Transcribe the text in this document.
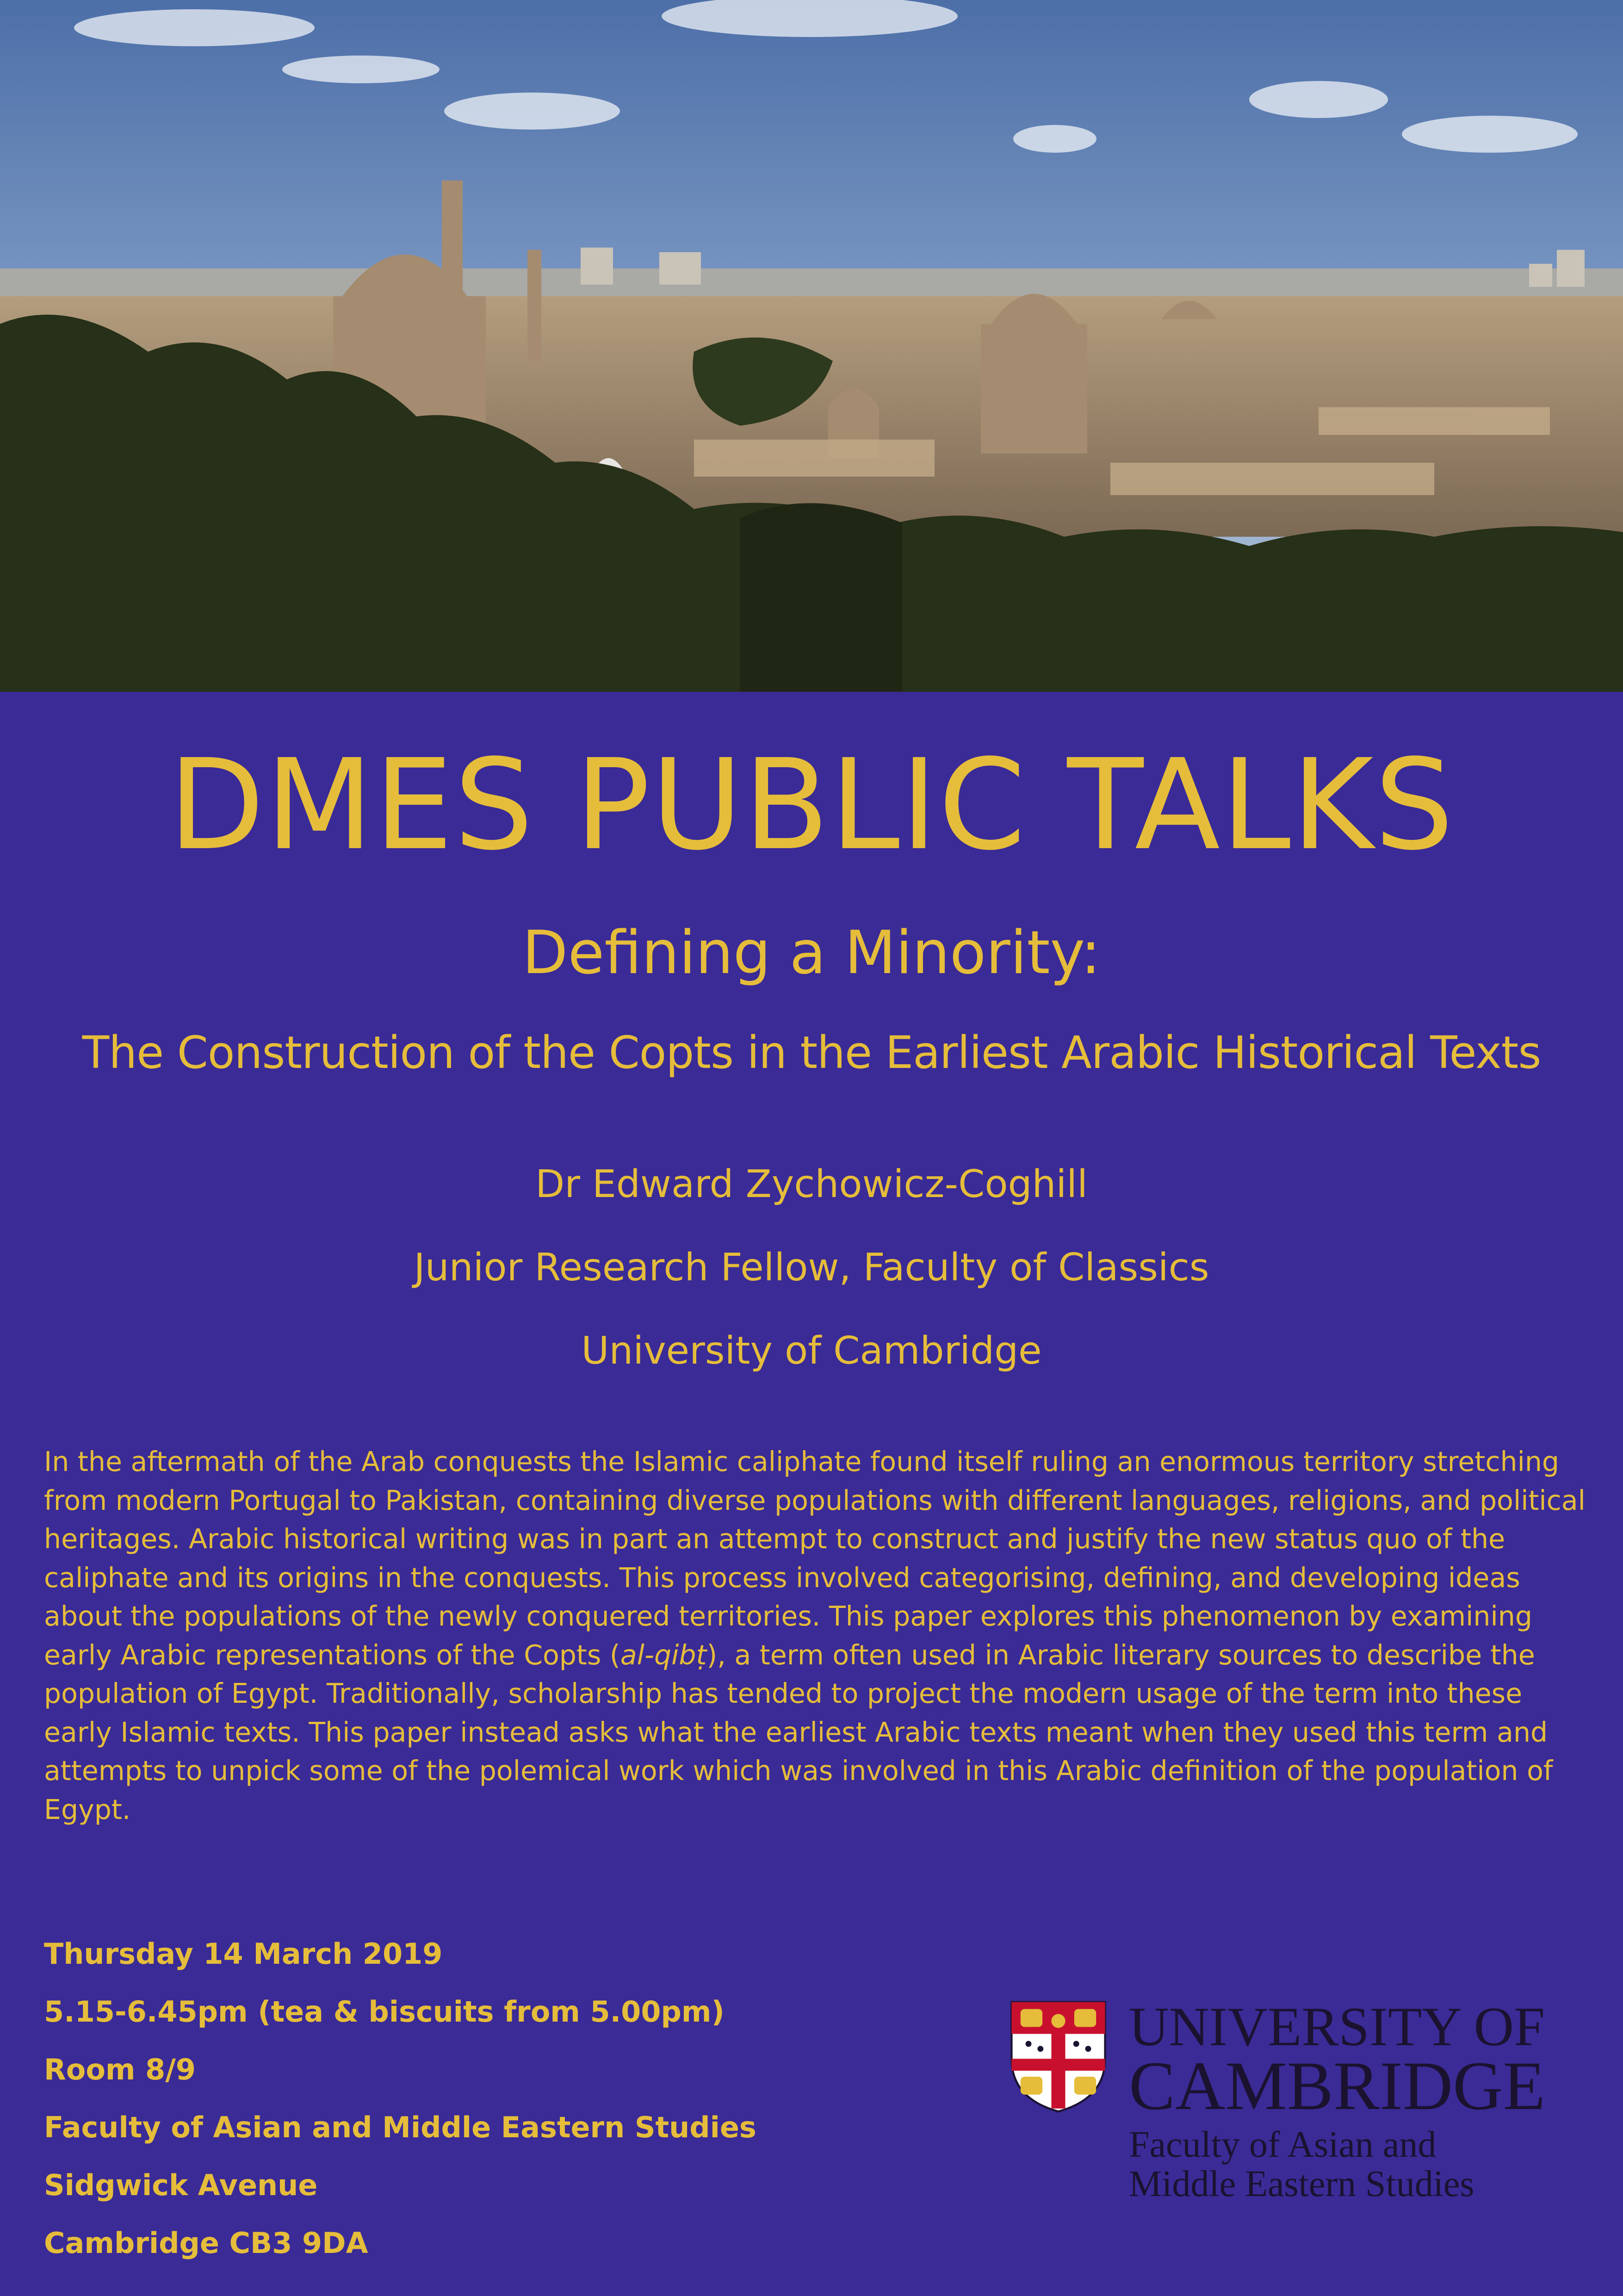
DMES PUBLIC TALKS
Defining a Minority:
The Construction of the Copts in the Earliest Arabic Historical Texts
Dr Edward Zychowicz-Coghill
Junior Research Fellow, Faculty of Classics
University of Cambridge

In the aftermath of the Arab conquests the Islamic caliphate found itself ruling an enormous territory stretching from modern Portugal to Pakistan, containing diverse populations with different languages, religions, and political heritages. Arabic historical writing was in part an attempt to construct and justify the new status quo of the caliphate and its origins in the conquests. This process involved categorising, defining, and developing ideas about the populations of the newly conquered territories. This paper explores this phenomenon by examining early Arabic representations of the Copts (al-qibṭ), a term often used in Arabic literary sources to describe the population of Egypt. Traditionally, scholarship has tended to project the modern usage of the term into these early Islamic texts. This paper instead asks what the earliest Arabic texts meant when they used this term and attempts to unpick some of the polemical work which was involved in this Arabic definition of the population of Egypt.

Thursday 14 March 2019
5.15-6.45pm (tea & biscuits from 5.00pm)
Room 8/9
Faculty of Asian and Middle Eastern Studies
Sidgwick Avenue
Cambridge CB3 9DA
UNIVERSITY OF
CAMBRIDGE
Faculty of Asian and
Middle Eastern Studies
